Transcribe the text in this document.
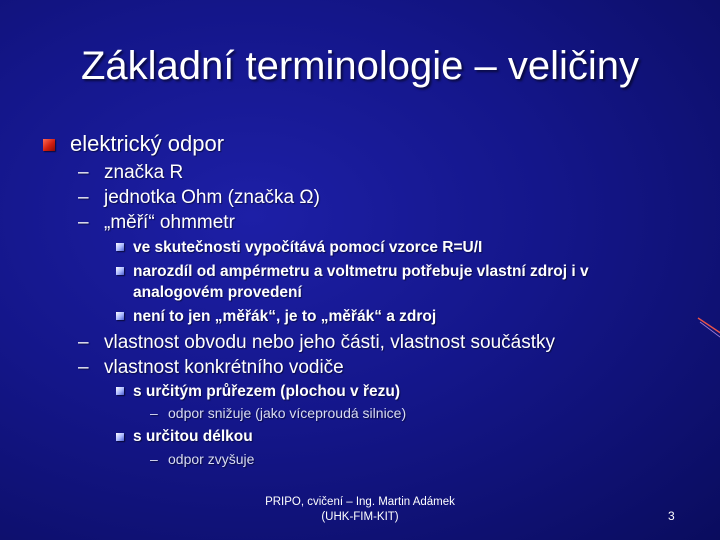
Základní terminologie – veličiny
elektrický odpor
– značka R
– jednotka Ohm (značka Ω)
– „měří“ ohmmetr
ve skutečnosti vypočítává pomocí vzorce R=U/I
narozdíl od ampérmetru a voltmetru potřebuje vlastní zdroj i v
analogovém provedení
není to jen „měřák“, je to „měřák“ a zdroj
– vlastnost obvodu nebo jeho části, vlastnost součástky
– vlastnost konkrétního vodiče
s určitým průřezem (plochou v řezu)
– odpor snižuje (jako víceproudá silnice)
s určitou délkou
– odpor zvyšuje
PRIPO, cvičení – Ing. Martin Adámek
(UHK-FIM-KIT)	3
